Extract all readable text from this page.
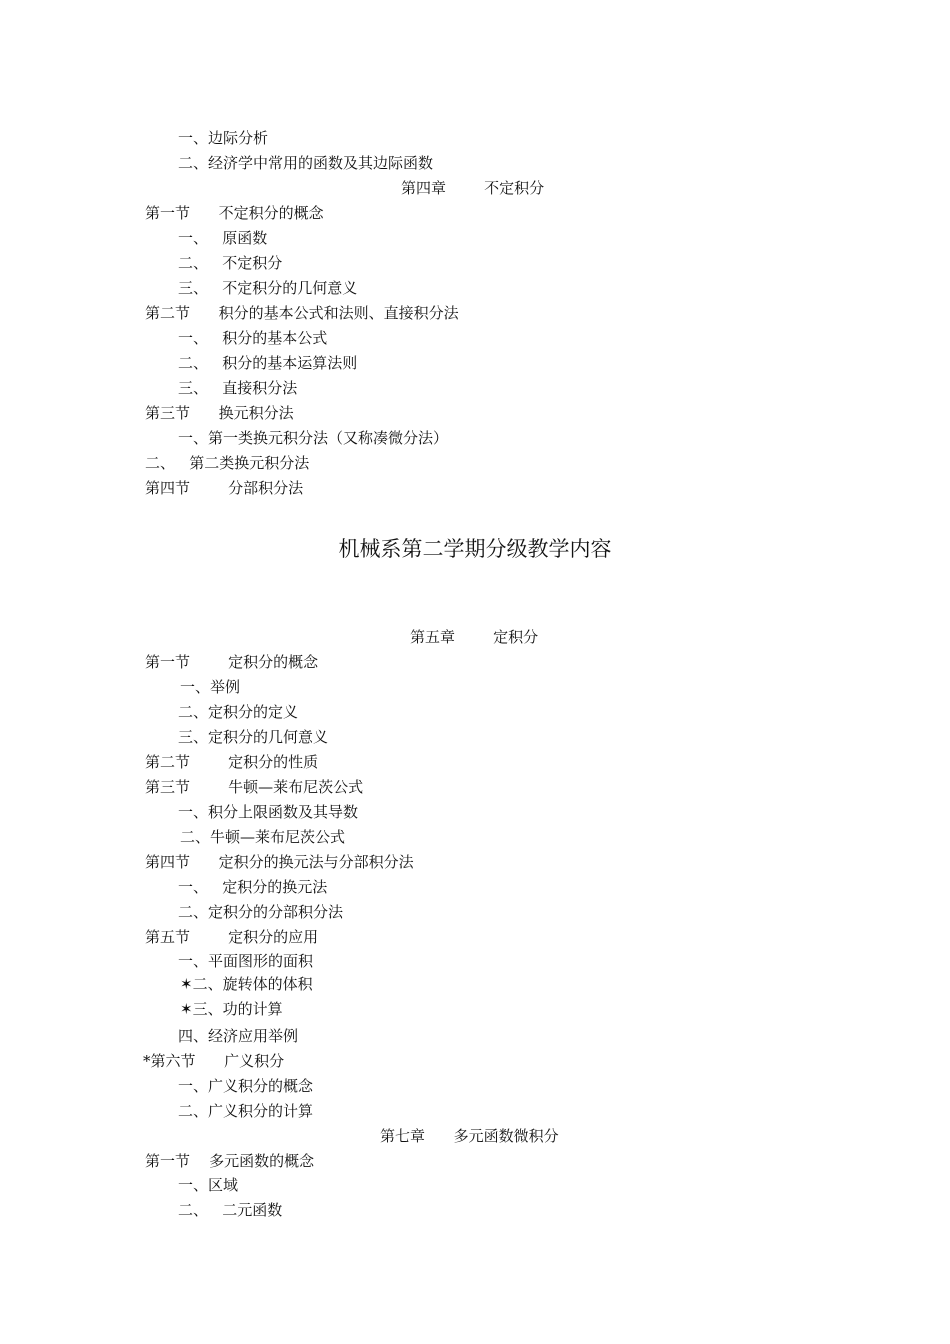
一、边际分析

二、经济学中常用的函数及其边际函数

第四章        不定积分

第一节      不定积分的概念

一、   原函数

二、   不定积分

三、   不定积分的几何意义

第二节      积分的基本公式和法则、直接积分法

一、   积分的基本公式

二、   积分的基本运算法则

三、   直接积分法

第三节      换元积分法

一、第一类换元积分法（又称凑微分法）

二、   第二类换元积分法

第四节        分部积分法

机械系第二学期分级教学内容

第五章        定积分

第一节        定积分的概念

一、举例

二、定积分的定义

三、定积分的几何意义

第二节        定积分的性质

第三节        牛顿—莱布尼茨公式

一、积分上限函数及其导数

二、牛顿—莱布尼茨公式

第四节      定积分的换元法与分部积分法

一、   定积分的换元法

二、定积分的分部积分法

第五节        定积分的应用

一、平面图形的面积

✶二、旋转体的体积

✶三、功的计算

四、经济应用举例

*第六节      广义积分

一、广义积分的概念

二、广义积分的计算

第七章      多元函数微积分

第一节    多元函数的概念

一、区域

二、   二元函数
